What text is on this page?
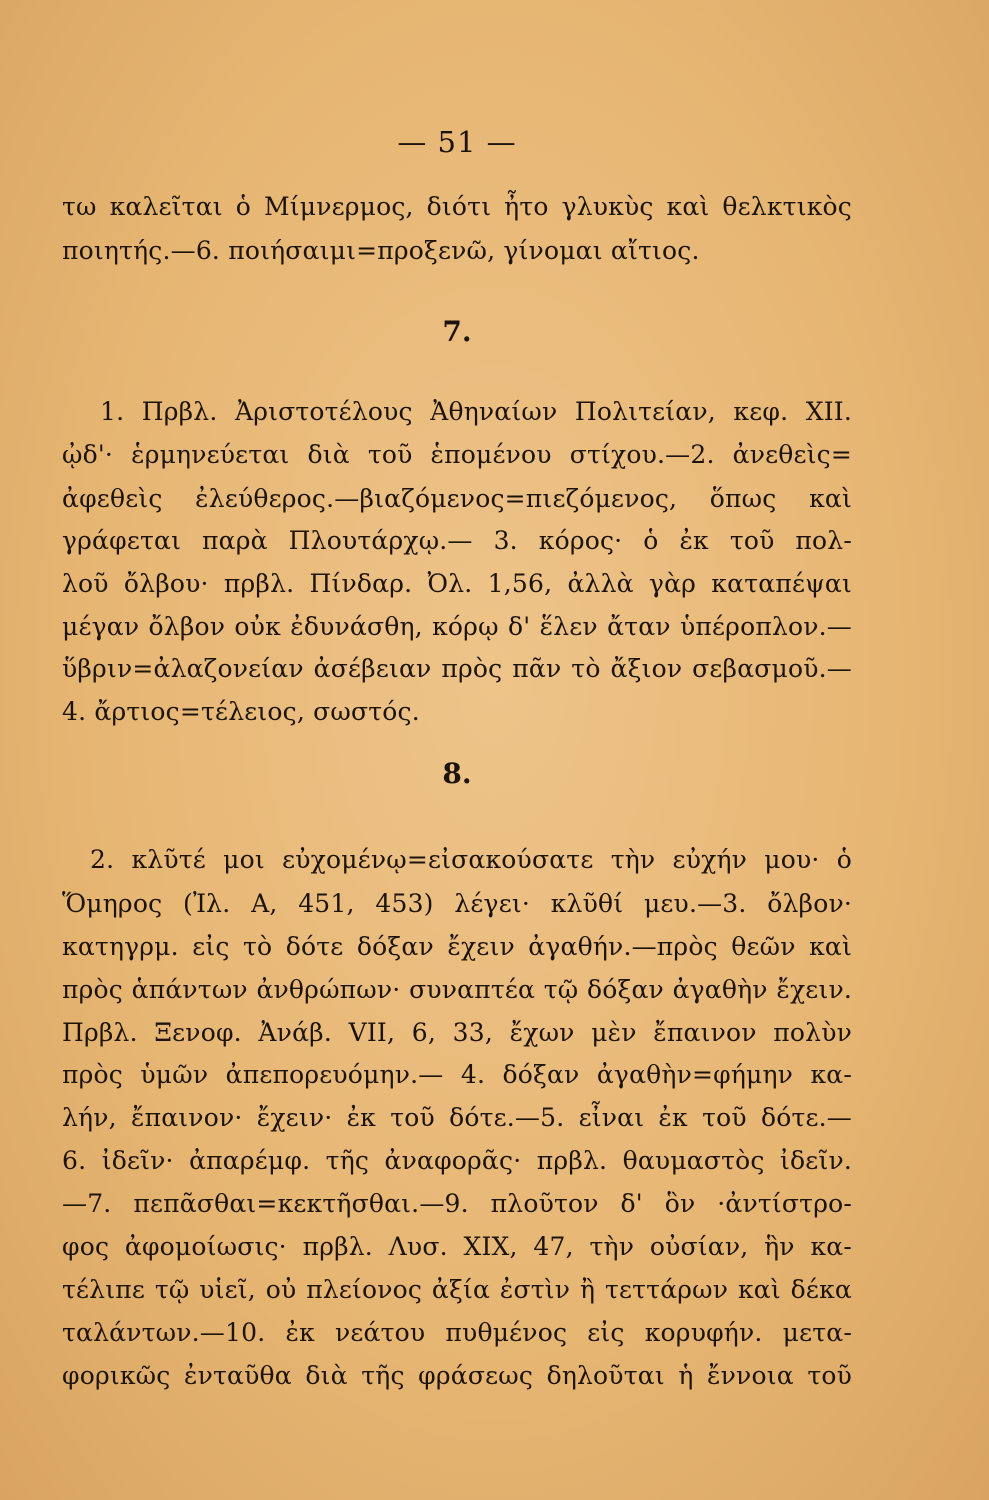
— 51 —
τω καλεῖται ὁ Μίμνερμος, διότι ἦτο γλυκὺς καὶ θελκτικὸς
ποιητής.—6. ποιήσαιμι=προξενῶ, γίνομαι αἴτιος.
7.
1. Πρβλ. Ἀριστοτέλους Ἀθηναίων Πολιτείαν, κεφ. XII.
ᾠδ'· ἑρμηνεύεται διὰ τοῦ ἑπομένου στίχου.—2. ἀνεθεὶς=
ἀφεθεὶς ἐλεύθερος.—βιαζόμενος=πιεζόμενος, ὅπως καὶ
γράφεται παρὰ Πλουτάρχῳ.— 3. κόρος· ὁ ἐκ τοῦ πολ-
λοῦ ὄλβου· πρβλ. Πίνδαρ. Ὀλ. 1,56, ἀλλὰ γὰρ καταπέψαι
μέγαν ὄλβον οὐκ ἐδυνάσθη, κόρῳ δ' ἕλεν ἄταν ὑπέροπλον.—
ὕβριν=ἀλαζονείαν ἀσέβειαν πρὸς πᾶν τὸ ἄξιον σεβασμοῦ.—
4. ἄρτιος=τέλειος, σωστός.
8.
2. κλῦτέ μοι εὐχομένῳ=εἰσακούσατε τὴν εὐχήν μου· ὁ
Ὅμηρος (Ἰλ. Α, 451, 453) λέγει· κλῦθί μευ.—3. ὄλβον·
κατηγρμ. εἰς τὸ δότε δόξαν ἔχειν ἀγαθήν.—πρὸς θεῶν καὶ
πρὸς ἁπάντων ἀνθρώπων· συναπτέα τῷ δόξαν ἀγαθὴν ἔχειν.
Πρβλ. Ξενοφ. Ἀνάβ. VII, 6, 33, ἔχων μὲν ἔπαινον πολὺν
πρὸς ὑμῶν ἀπεπορευόμην.— 4. δόξαν ἀγαθὴν=φήμην κα-
λήν, ἔπαινον· ἔχειν· ἐκ τοῦ δότε.—5. εἶναι ἐκ τοῦ δότε.—
6. ἰδεῖν· ἀπαρέμφ. τῆς ἀναφορᾶς· πρβλ. θαυμαστὸς ἰδεῖν.
—7. πεπᾶσθαι=κεκτῆσθαι.—9. πλοῦτον δ' ὃν ·ἀντίστρο-
φος ἀφομοίωσις· πρβλ. Λυσ. XIX, 47, τὴν οὐσίαν, ἣν κα-
τέλιπε τῷ υἱεῖ, οὐ πλείονος ἀξία ἐστὶν ἢ τεττάρων καὶ δέκα
ταλάντων.—10. ἐκ νεάτου πυθμένος εἰς κορυφήν. μετα-
φορικῶς ἐνταῦθα διὰ τῆς φράσεως δηλοῦται ἡ ἔννοια τοῦ
